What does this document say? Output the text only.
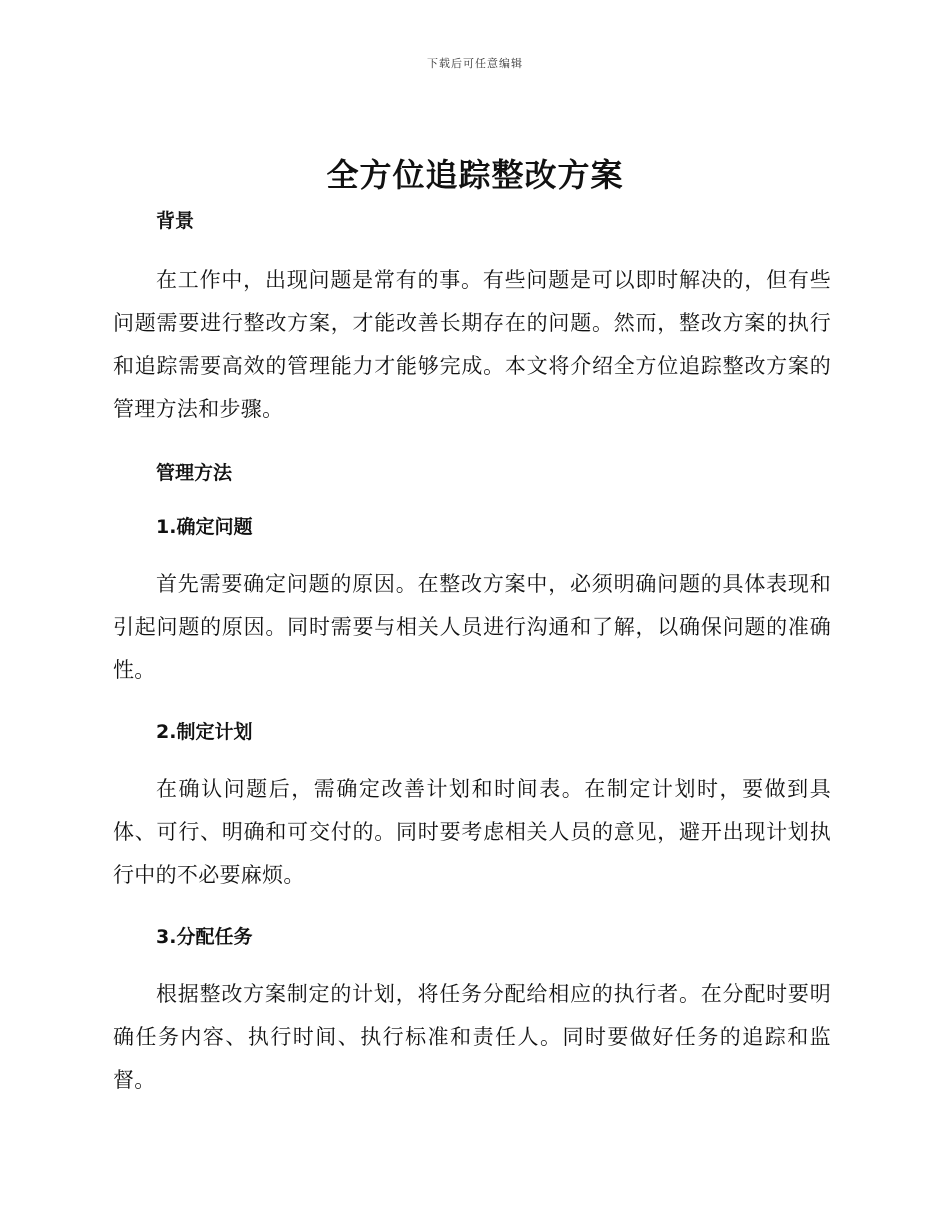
下载后可任意编辑
全方位追踪整改方案
背景

在工作中，出现问题是常有的事。有些问题是可以即时解决的，但有些问题需要进行整改方案，才能改善长期存在的问题。然而，整改方案的执行和追踪需要高效的管理能力才能够完成。本文将介绍全方位追踪整改方案的管理方法和步骤。

管理方法
1.确定问题

首先需要确定问题的原因。在整改方案中，必须明确问题的具体表现和引起问题的原因。同时需要与相关人员进行沟通和了解，以确保问题的准确性。

2.制定计划

在确认问题后，需确定改善计划和时间表。在制定计划时，要做到具体、可行、明确和可交付的。同时要考虑相关人员的意见，避开出现计划执行中的不必要麻烦。

3.分配任务

根据整改方案制定的计划，将任务分配给相应的执行者。在分配时要明确任务内容、执行时间、执行标准和责任人。同时要做好任务的追踪和监督。
